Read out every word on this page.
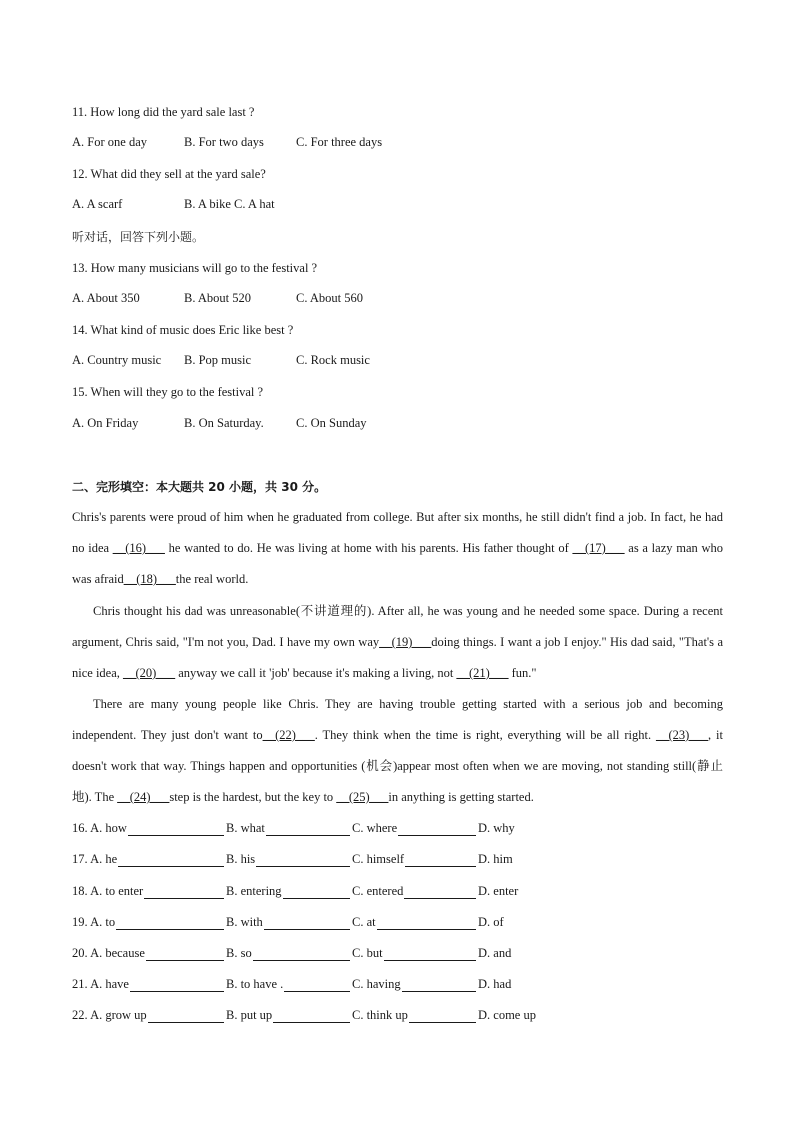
11. How long did the yard sale last ?
A. For one day	B. For two days	C. For three days
12. What did they sell at the yard sale?
A. A scarf	B. A bike C. A hat
听对话，回答下列小题。
13. How many musicians will go to the festival ?
A. About 350	B. About 520	C. About 560
14. What kind of music does Eric like best ?
A. Country music B. Pop music	C. Rock music
15. When will they go to the festival ?
A. On Friday	B. On Saturday.	C. On Sunday
二、完形填空：本大题共 20 小题，共 30 分。
Chris's parents were proud of him when he graduated from college. But after six months, he still didn't find a job. In fact, he had no idea __(16)___ he wanted to do. He was living at home with his parents. His father thought of __(17)___ as a lazy man who was afraid__(18)___the real world.
Chris thought his dad was unreasonable(不讲道理的). After all, he was young and he needed some space. During a recent argument, Chris said, "I'm not you, Dad. I have my own way__(19)___doing things. I want a job I enjoy." His dad said, "That's a nice idea, __(20)___ anyway we call it 'job' because it's making a living, not __(21)___ fun."
There are many young people like Chris. They are having trouble getting started with a serious job and becoming independent. They just don't want to__(22)___. They think when the time is right, everything will be all right. __(23)___, it doesn't work that way. Things happen and opportunities (机会)appear most often when we are moving, not standing still(静止地). The __(24)___step is the hardest, but the key to __(25)___in anything is getting started.
16. A. how	B. what	C. where	D. why
17. A. he	B. his	C. himself	D. him
18. A. to enter	B. entering	C. entered	D. enter
19. A. to	B. with	C. at	D. of
20. A. because	B. so	C. but	D. and
21. A. have	B. to have .	C. having	D. had
22. A. grow up	B. put up	C. think up	D. come up
